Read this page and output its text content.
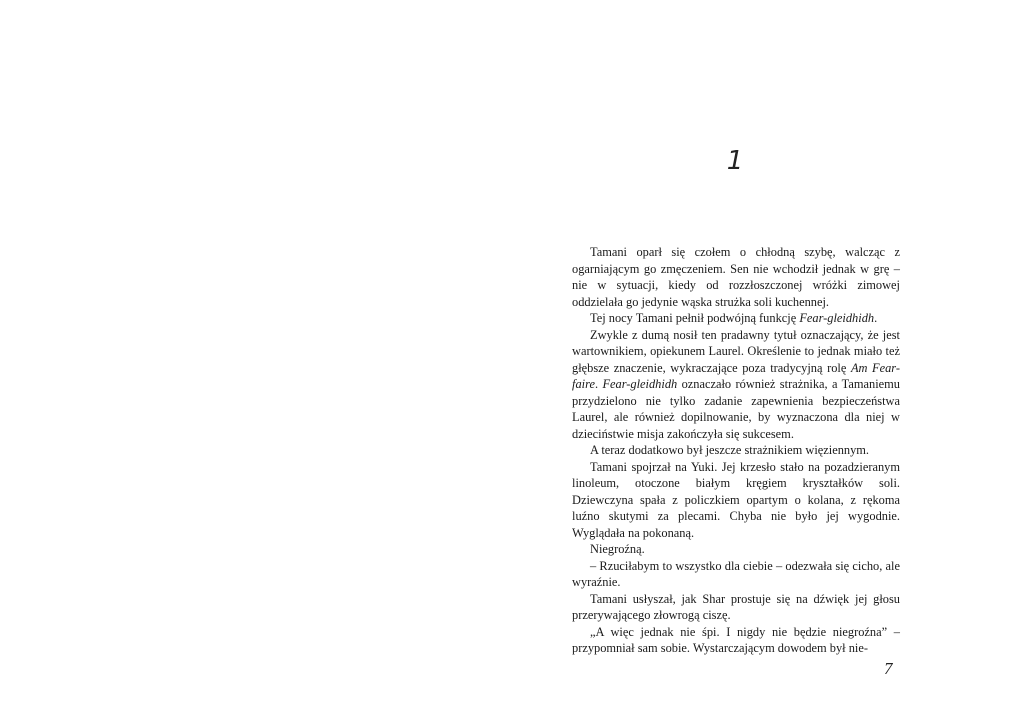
1

Tamani oparł się czołem o chłodną szybę, walcząc z ogarniającym go zmęczeniem. Sen nie wchodził jednak w grę – nie w sytuacji, kiedy od rozzłoszczonej wróżki zimowej oddzielała go jedynie wąska strużka soli kuchennej.

Tej nocy Tamani pełnił podwójną funkcję Fear-gleidhidh.

Zwykle z dumą nosił ten pradawny tytuł oznaczający, że jest wartownikiem, opiekunem Laurel. Określenie to jednak miało też głębsze znaczenie, wykraczające poza tradycyjną rolę Am Fear-faire. Fear-gleidhidh oznaczało również strażnika, a Tamaniemu przydzielono nie tylko zadanie zapewnienia bezpieczeństwa Laurel, ale również dopilnowanie, by wyznaczona dla niej w dzieciństwie misja zakończyła się sukcesem.

A teraz dodatkowo był jeszcze strażnikiem więziennym.

Tamani spojrzał na Yuki. Jej krzesło stało na pozadzieranym linoleum, otoczone białym kręgiem kryształków soli. Dziewczyna spała z policzkiem opartym o kolana, z rękoma luźno skutymi za plecami. Chyba nie było jej wygodnie. Wyglądała na pokonaną.

Niegroźną.

– Rzuciłabym to wszystko dla ciebie – odezwała się cicho, ale wyraźnie.

Tamani usłyszał, jak Shar prostuje się na dźwięk jej głosu przerywającego złowrogą ciszę.

„A więc jednak nie śpi. I nigdy nie będzie niegroźna” – przypomniał sam sobie. Wystarczającym dowodem był nie-

7
